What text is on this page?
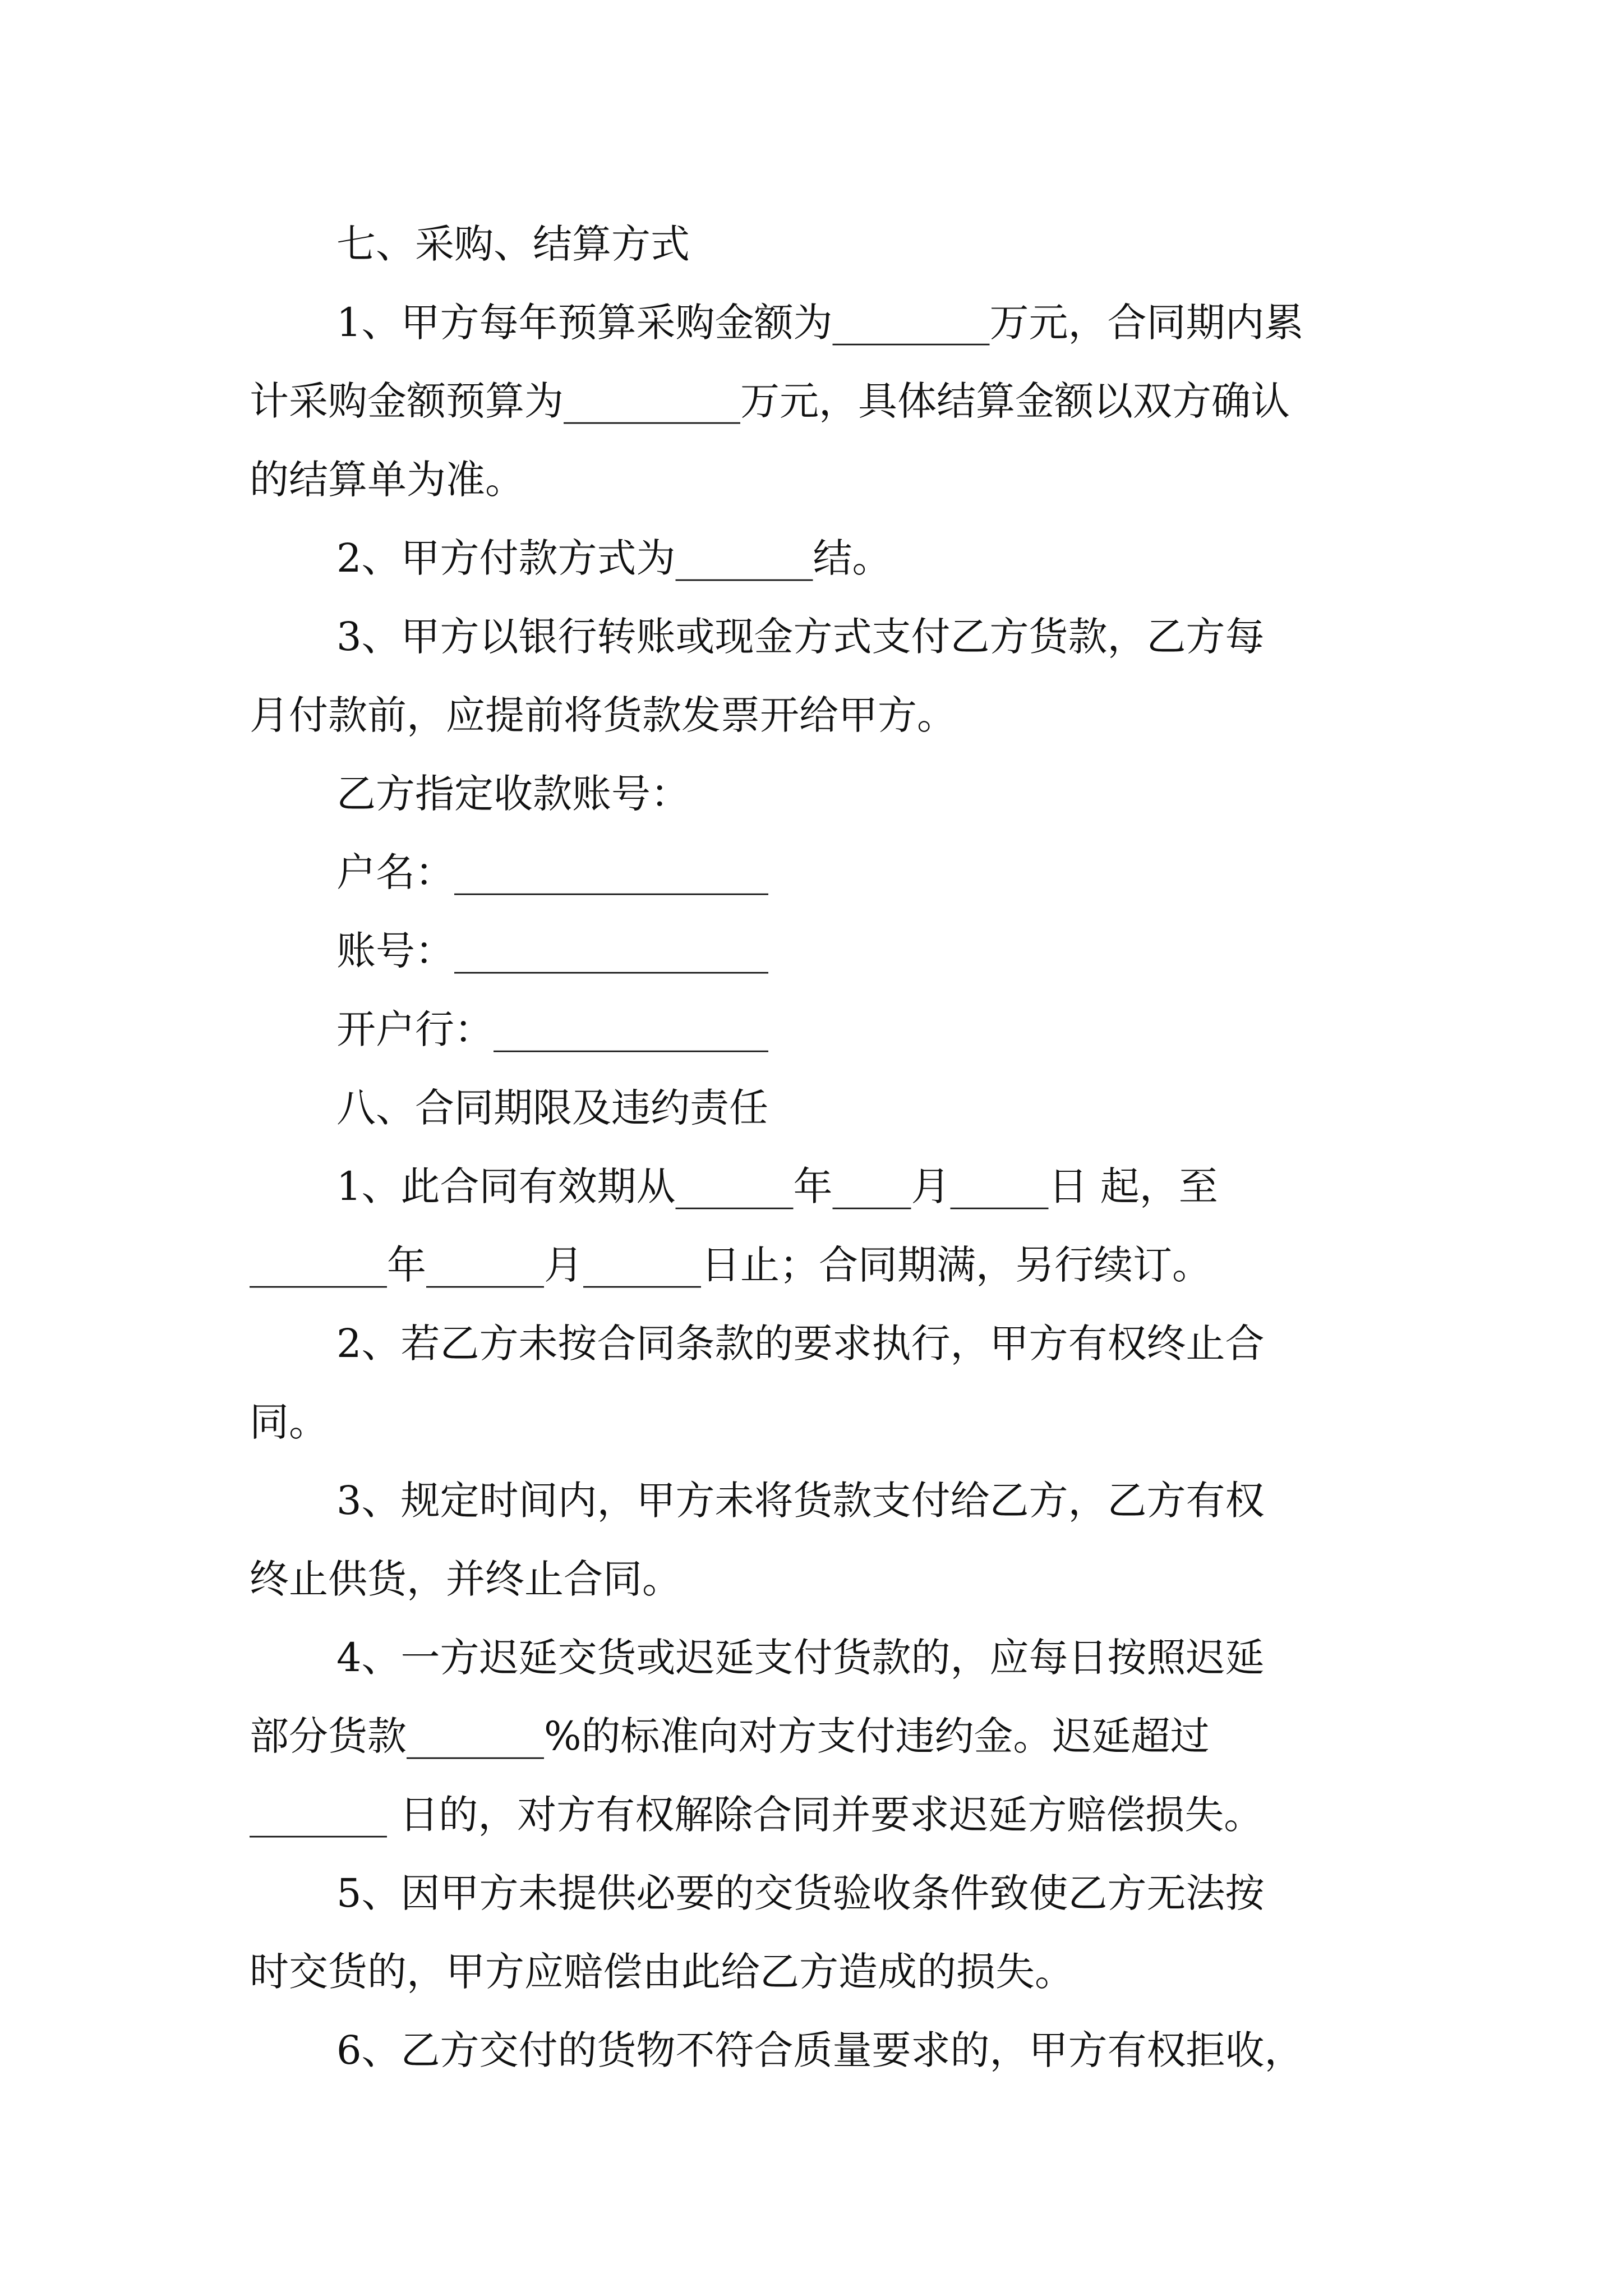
七、采购、结算方式
1、甲方每年预算采购金额为________万元，合同期内累
计采购金额预算为_________万元，具体结算金额以双方确认
的结算单为准。
2、甲方付款方式为_______结。
3、甲方以银行转账或现金方式支付乙方货款，乙方每
月付款前，应提前将货款发票开给甲方。
乙方指定收款账号：
户名：________________
账号：________________
开户行：______________
八、合同期限及违约责任
1、此合同有效期从______年____月_____日 起，至
_______年______月______日止；合同期满，另行续订。
2、若乙方未按合同条款的要求执行，甲方有权终止合
同。
3、规定时间内，甲方未将货款支付给乙方，乙方有权
终止供货，并终止合同。
4、一方迟延交货或迟延支付货款的，应每日按照迟延
部分货款_______%的标准向对方支付违约金。迟延超过
_______ 日的，对方有权解除合同并要求迟延方赔偿损失。
5、因甲方未提供必要的交货验收条件致使乙方无法按
时交货的，甲方应赔偿由此给乙方造成的损失。
6、乙方交付的货物不符合质量要求的，甲方有权拒收，
